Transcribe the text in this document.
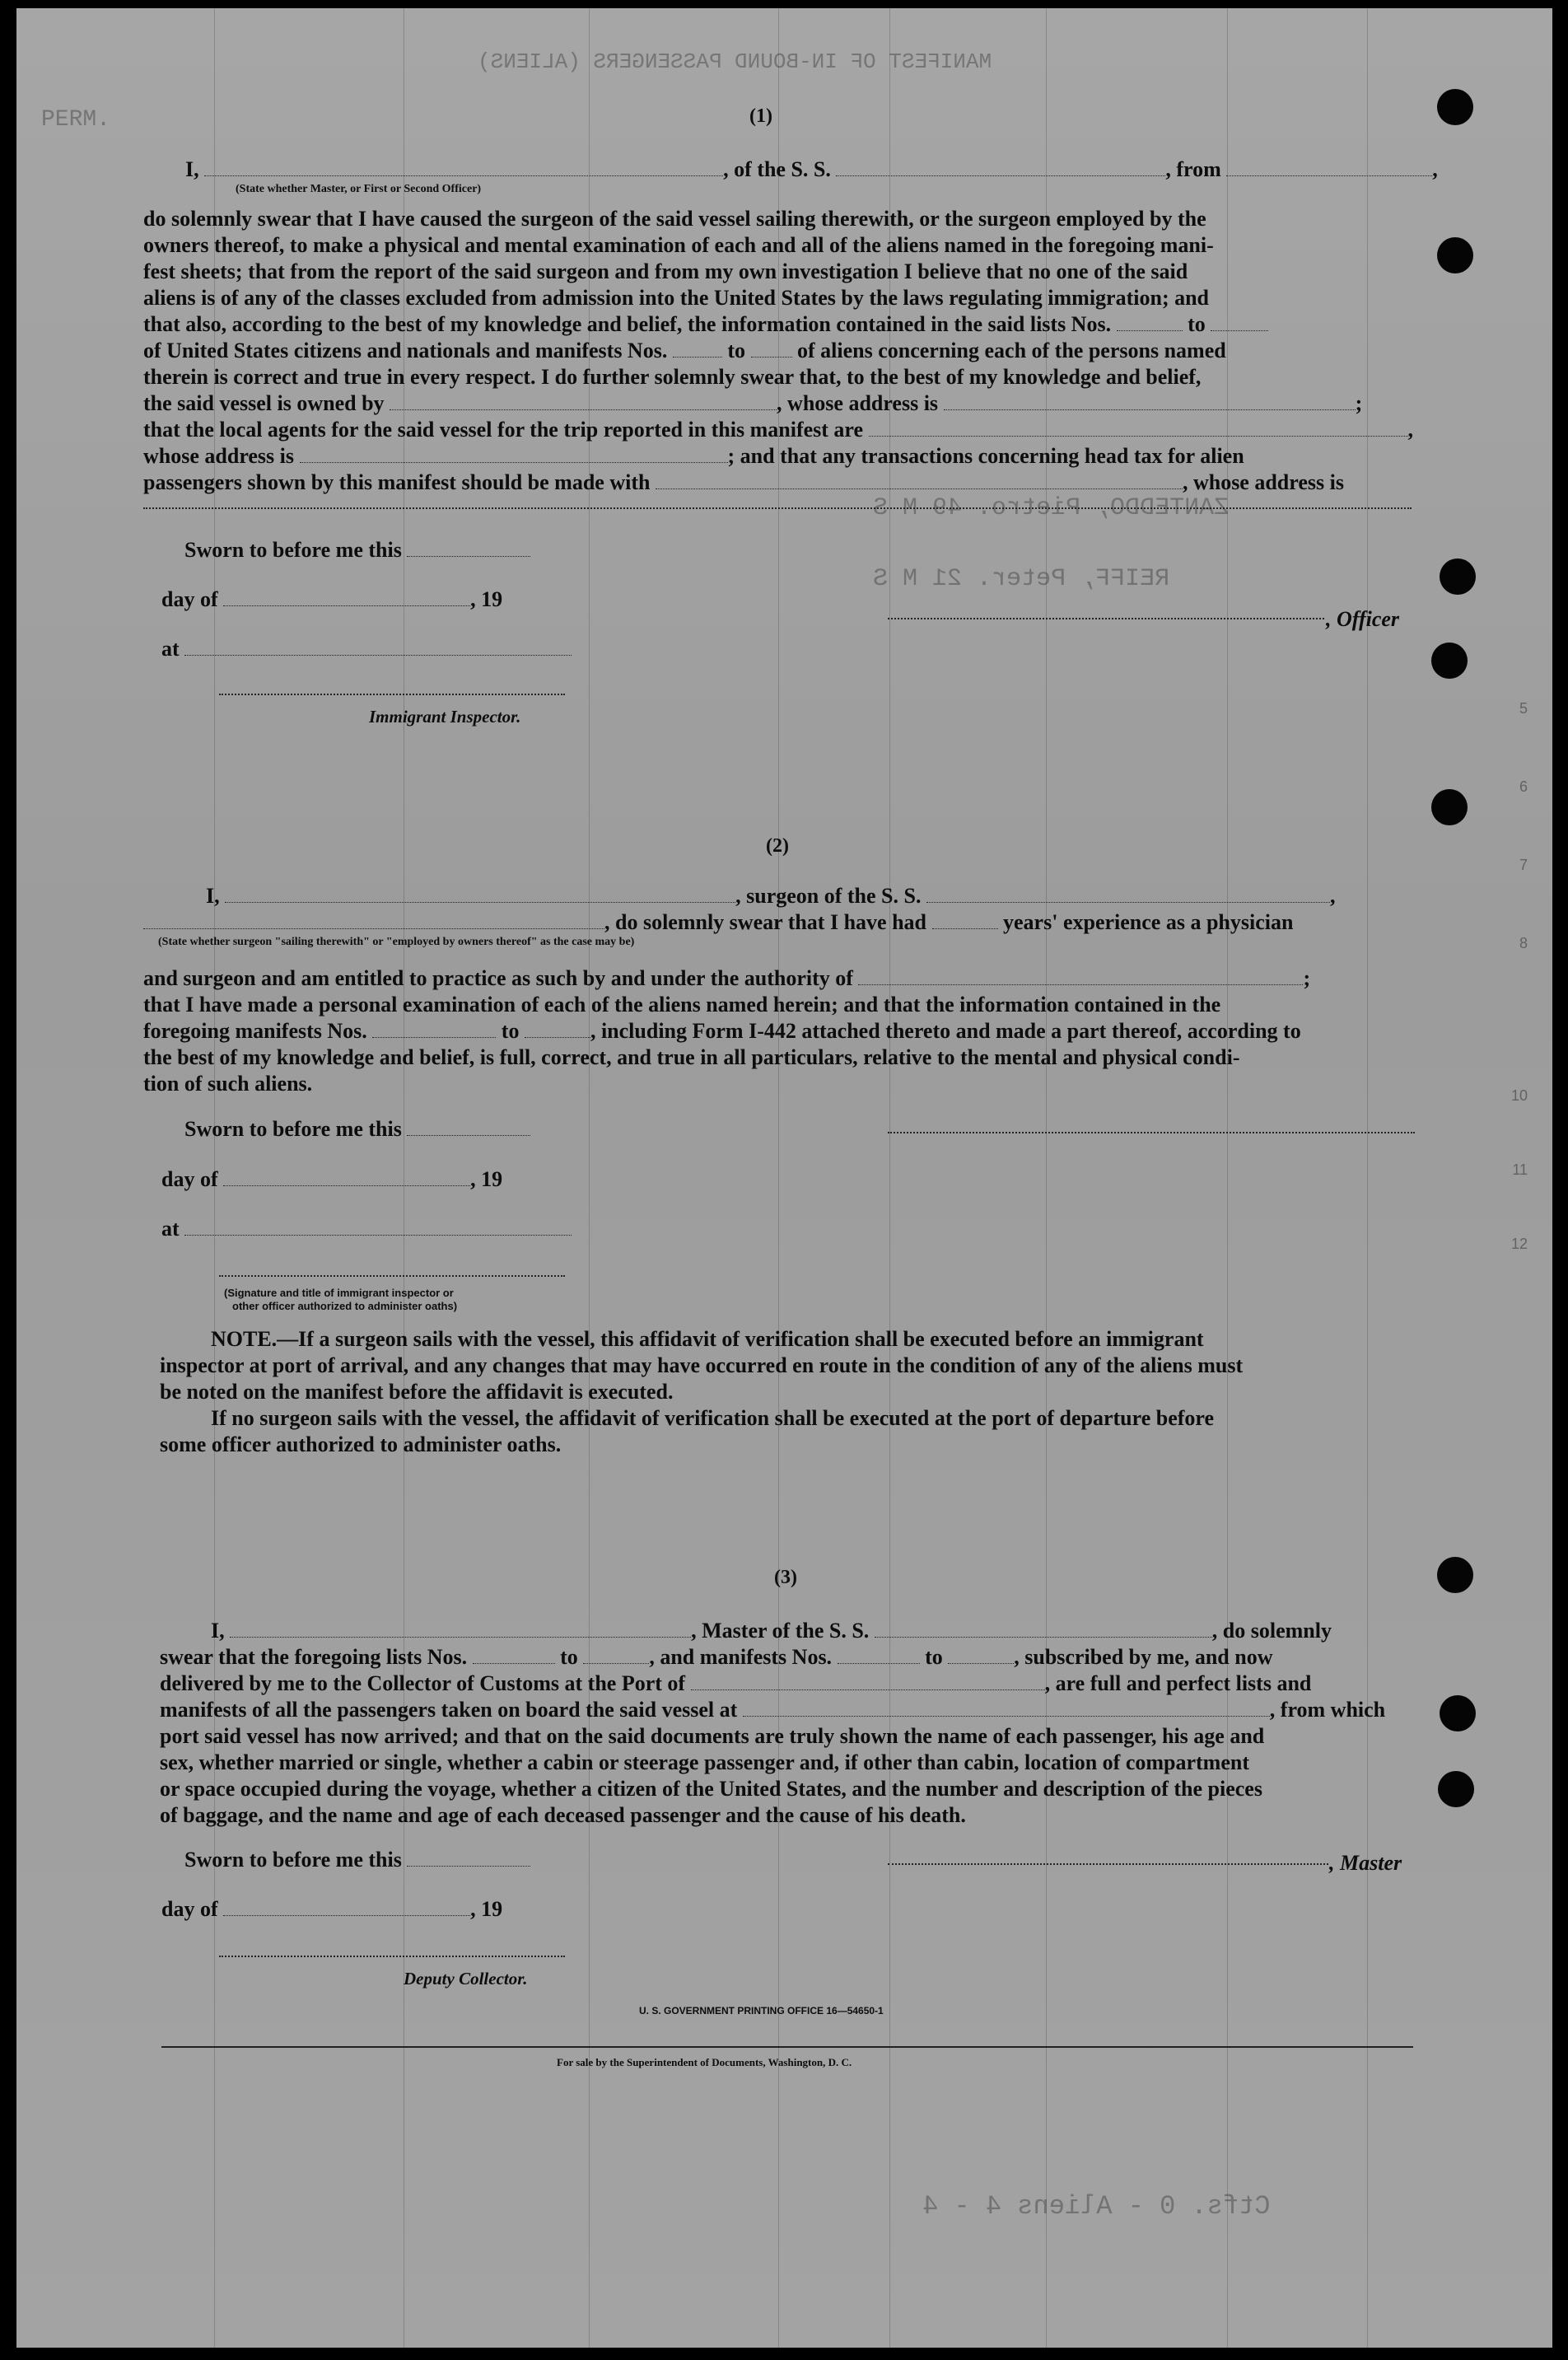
MANIFEST OF IN-BOUND PASSENGERS (ALIENS)
ZANTEDDO, Pietro. 49 M S
REIFF, Peter. 21 M S
Ctfs. 0 - Aliens 4 - 4
PERM.
5
6
7
8
10
11
12
(1)
I,	, of the S. S.	, from	,
(State whether Master, or First or Second Officer)
do solemnly swear that I have caused the surgeon of the said vessel sailing therewith, or the surgeon employed by the
owners thereof, to make a physical and mental examination of each and all of the aliens named in the foregoing mani-
fest sheets; that from the report of the said surgeon and from my own investigation I believe that no one of the said
aliens is of any of the classes excluded from admission into the United States by the laws regulating immigration; and
that also, according to the best of my knowledge and belief, the information contained in the said lists Nos.	to
of United States citizens and nationals and manifests Nos.	to of aliens concerning each of the persons named
therein is correct and true in every respect. I do further solemnly swear that, to the best of my knowledge and belief,
the said vessel is owned by	, whose address is	;
that the local agents for the said vessel for the trip reported in this manifest are	,
whose address is	; and that any transactions concerning head tax for alien
passengers shown by this manifest should be made with	, whose address is
Sworn to before me this
day of	, 19
at
, Officer
Immigrant Inspector.
(2)
I,	, surgeon of the S. S.	,
, do solemnly swear that I have had	years' experience as a physician
(State whether surgeon "sailing therewith" or "employed by owners thereof" as the case may be)
and surgeon and am entitled to practice as such by and under the authority of	;
that I have made a personal examination of each of the aliens named herein; and that the information contained in the
foregoing manifests Nos.	to	, including Form I-442 attached thereto and made a part thereof, according to
the best of my knowledge and belief, is full, correct, and true in all particulars, relative to the mental and physical condi-
tion of such aliens.
Sworn to before me this
day of	, 19
at
(Signature and title of immigrant inspector or
other officer authorized to administer oaths)
NOTE.—If a surgeon sails with the vessel, this affidavit of verification shall be executed before an immigrant
inspector at port of arrival, and any changes that may have occurred en route in the condition of any of the aliens must
be noted on the manifest before the affidavit is executed.
If no surgeon sails with the vessel, the affidavit of verification shall be executed at the port of departure before
some officer authorized to administer oaths.
(3)
I,	, Master of the S. S.	, do solemnly
swear that the foregoing lists Nos.	to	, and manifests Nos.	to	, subscribed by me, and now
delivered by me to the Collector of Customs at the Port of	, are full and perfect lists and
manifests of all the passengers taken on board the said vessel at	, from which
port said vessel has now arrived; and that on the said documents are truly shown the name of each passenger, his age and
sex, whether married or single, whether a cabin or steerage passenger and, if other than cabin, location of compartment
or space occupied during the voyage, whether a citizen of the United States, and the number and description of the pieces
of baggage, and the name and age of each deceased passenger and the cause of his death.
Sworn to before me this	, Master
day of	, 19
Deputy Collector.
U. S. GOVERNMENT PRINTING OFFICE 16—54650-1
For sale by the Superintendent of Documents, Washington, D. C.
